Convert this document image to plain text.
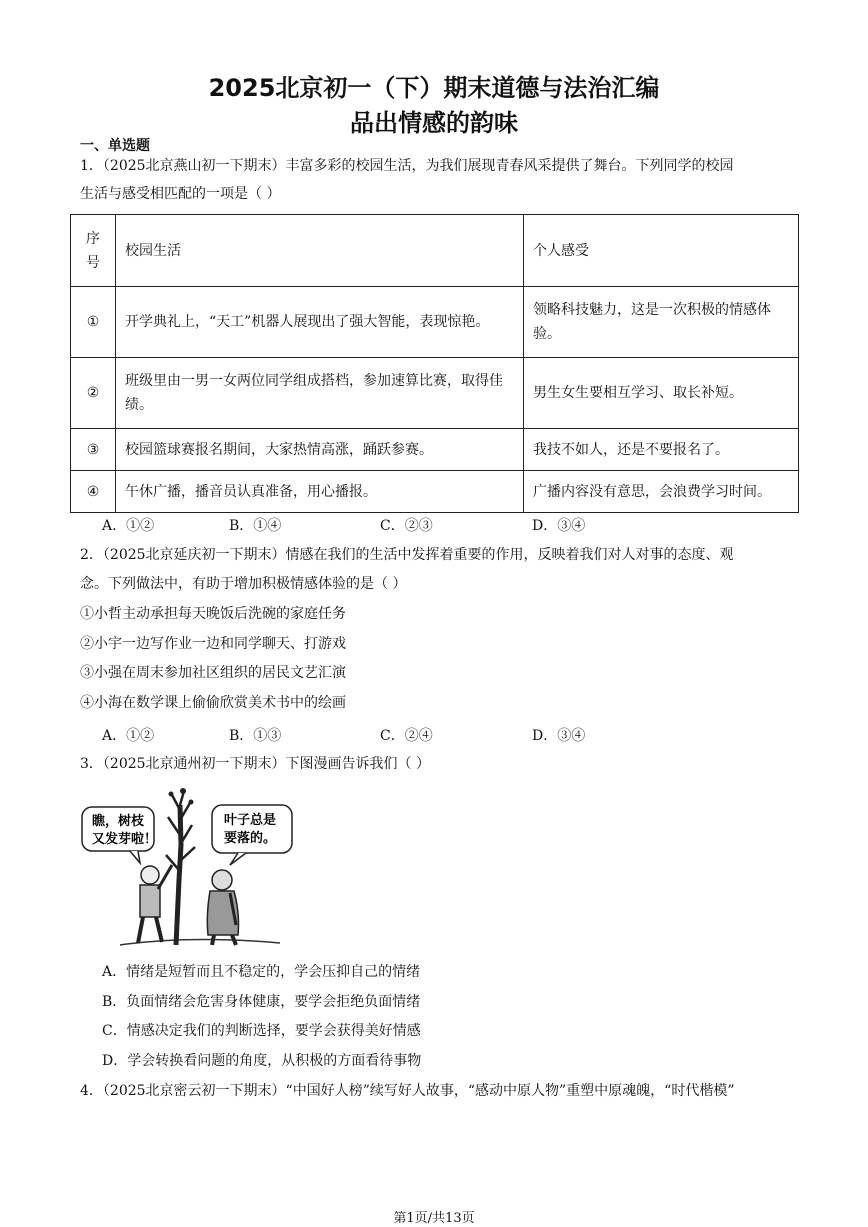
2025北京初一（下）期末道德与法治汇编
品出情感的韵味
一、单选题
1．（2025北京燕山初一下期末）丰富多彩的校园生活，为我们展现青春风采提供了舞台。下列同学的校园
生活与感受相匹配的一项是（ ）
序号	校园生活	个人感受
①	开学典礼上，“天工”机器人展现出了强大智能，表现惊艳。	领略科技魅力，这是一次积极的情感体验。
②	班级里由一男一女两位同学组成搭档，参加速算比赛，取得佳绩。	男生女生要相互学习、取长补短。
③	校园篮球赛报名期间，大家热情高涨，踊跃参赛。	我技不如人，还是不要报名了。
④	午休广播，播音员认真准备，用心播报。	广播内容没有意思，会浪费学习时间。
A．①②	B．①④	C．②③	D．③④
2．（2025北京延庆初一下期末）情感在我们的生活中发挥着重要的作用，反映着我们对人对事的态度、观
念。下列做法中，有助于增加积极情感体验的是（ ）
①小哲主动承担每天晚饭后洗碗的家庭任务
②小宇一边写作业一边和同学聊天、打游戏
③小强在周末参加社区组织的居民文艺汇演
④小海在数学课上偷偷欣赏美术书中的绘画
A．①②	B．①③	C．②④	D．③④
3．（2025北京通州初一下期末）下图漫画告诉我们（ ）
瞧，树枝
又发芽啦！
叶子总是
要落的。
A．情绪是短暂而且不稳定的，学会压抑自己的情绪
B．负面情绪会危害身体健康，要学会拒绝负面情绪
C．情感决定我们的判断选择，要学会获得美好情感
D．学会转换看问题的角度，从积极的方面看待事物
4．（2025北京密云初一下期末）“中国好人榜”续写好人故事，“感动中原人物”重塑中原魂魄，“时代楷模”
第1页/共13页
